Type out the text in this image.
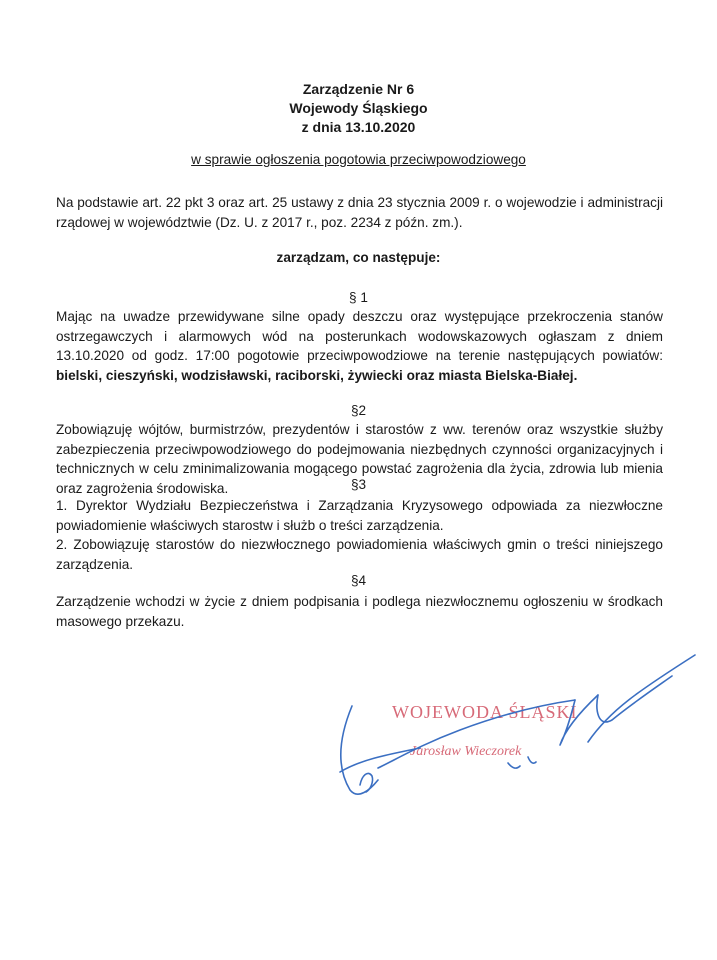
Zarządzenie Nr 6
Wojewody Śląskiego
z dnia 13.10.2020
w sprawie ogłoszenia pogotowia przeciwpowodziowego
Na podstawie art. 22 pkt 3 oraz art. 25 ustawy z dnia 23 stycznia 2009 r. o wojewodzie i administracji rządowej w województwie (Dz. U. z 2017 r., poz. 2234 z późn. zm.).
zarządzam, co następuje:
§ 1
Mając na uwadze przewidywane silne opady deszczu oraz występujące przekroczenia stanów ostrzegawczych i alarmowych wód na posterunkach wodowskazowych ogłaszam z dniem 13.10.2020 od godz. 17:00 pogotowie przeciwpowodziowe na terenie następujących powiatów: bielski, cieszyński, wodzisławski, raciborski, żywiecki oraz miasta Bielska-Białej.
§2
Zobowiązuję wójtów, burmistrzów, prezydentów i starostów z ww. terenów oraz wszystkie służby zabezpieczenia przeciwpowodziowego do podejmowania niezbędnych czynności organizacyjnych i technicznych w celu zminimalizowania mogącego powstać zagrożenia dla życia, zdrowia lub mienia oraz zagrożenia środowiska.	§3
1. Dyrektor Wydziału Bezpieczeństwa i Zarządzania Kryzysowego odpowiada za niezwłoczne powiadomienie właściwych starostw i służb o treści zarządzenia.
2. Zobowiązuję starostów do niezwłocznego powiadomienia właściwych gmin o treści niniejszego zarządzenia.
§4
Zarządzenie wchodzi w życie z dniem podpisania i podlega niezwłocznemu ogłoszeniu w środkach masowego przekazu.
WOJEWODA ŚLĄSKI
Jarosław Wieczorek
